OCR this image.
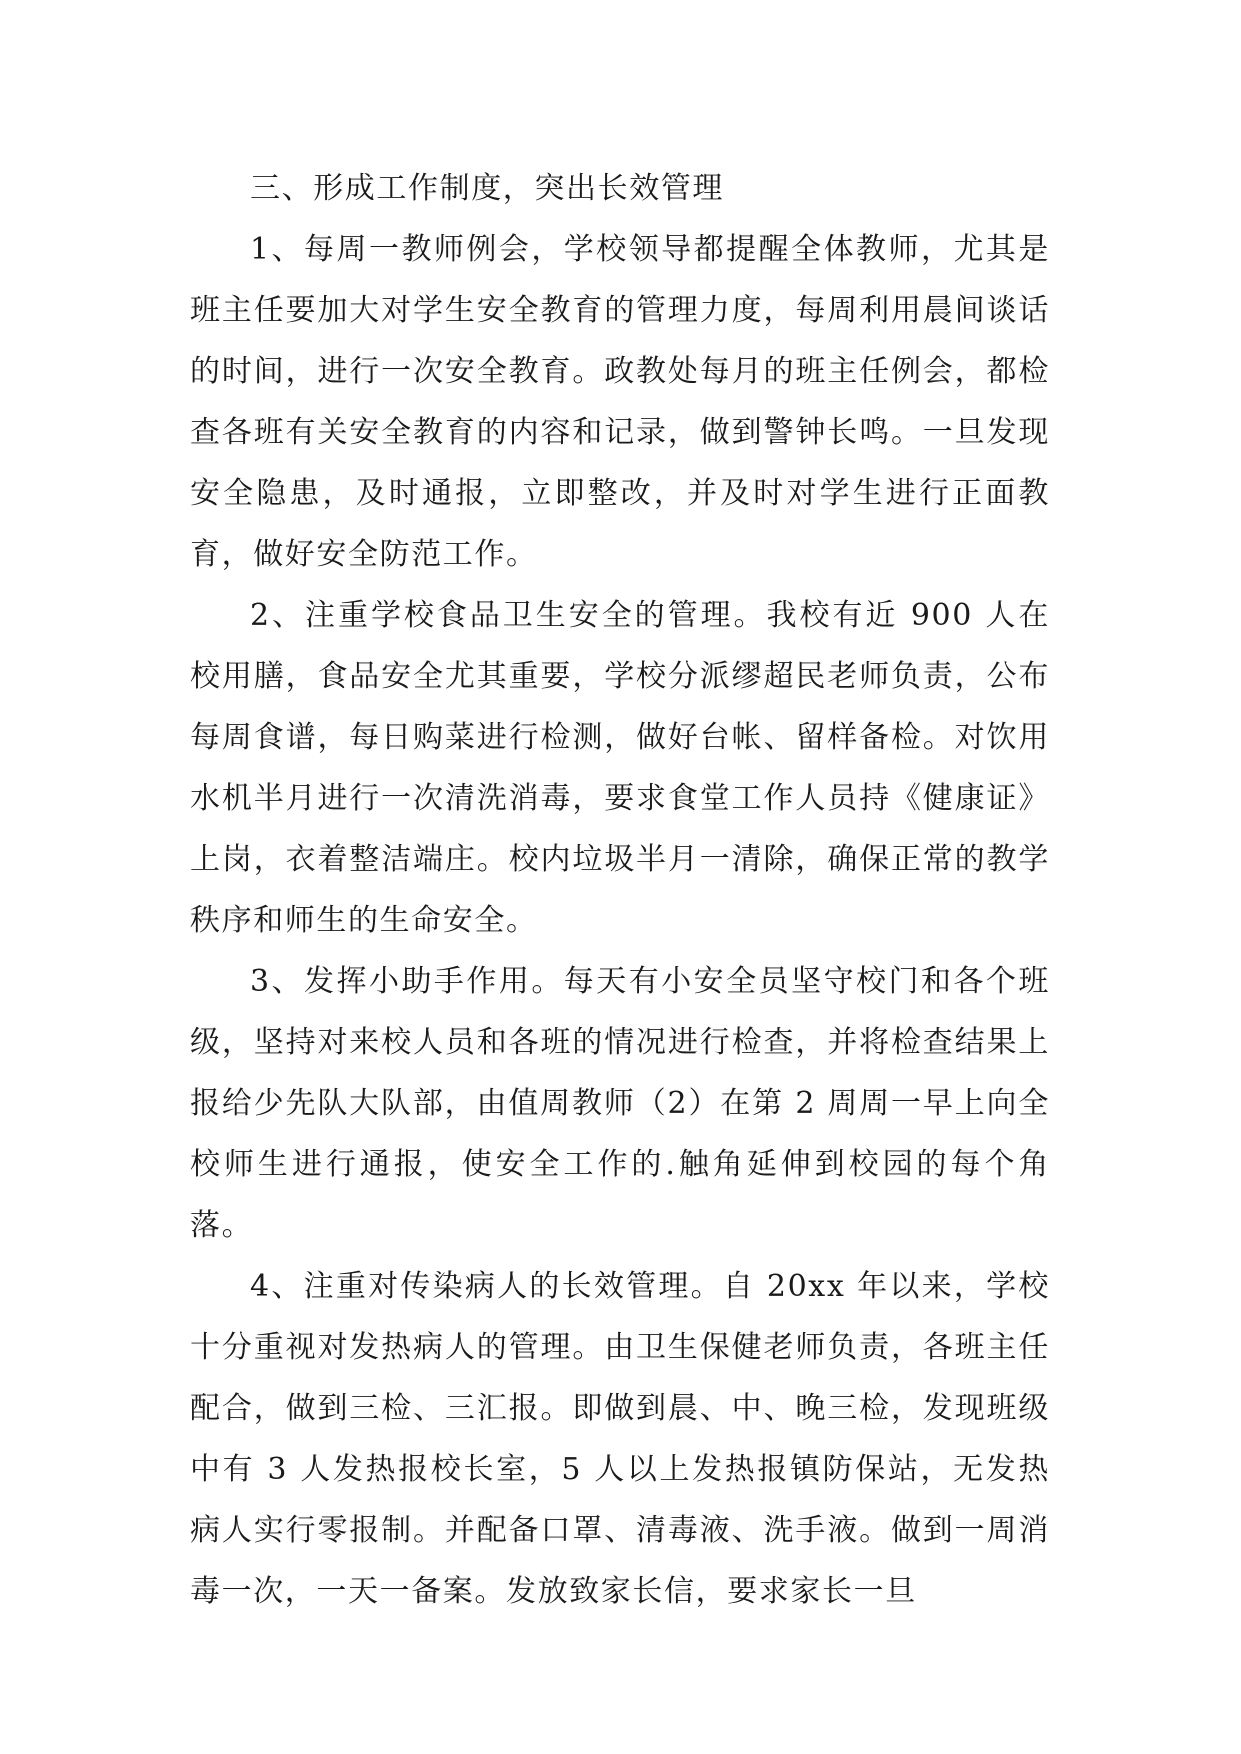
三、形成工作制度，突出长效管理

1、每周一教师例会，学校领导都提醒全体教师，尤其是班主任要加大对学生安全教育的管理力度，每周利用晨间谈话的时间，进行一次安全教育。政教处每月的班主任例会，都检查各班有关安全教育的内容和记录，做到警钟长鸣。一旦发现安全隐患，及时通报，立即整改，并及时对学生进行正面教育，做好安全防范工作。

2、注重学校食品卫生安全的管理。我校有近 900 人在校用膳，食品安全尤其重要，学校分派缪超民老师负责，公布每周食谱，每日购菜进行检测，做好台帐、留样备检。对饮用水机半月进行一次清洗消毒，要求食堂工作人员持《健康证》上岗，衣着整洁端庄。校内垃圾半月一清除，确保正常的教学秩序和师生的生命安全。

3、发挥小助手作用。每天有小安全员坚守校门和各个班级，坚持对来校人员和各班的情况进行检查，并将检查结果上报给少先队大队部，由值周教师（2）在第 2 周周一早上向全校师生进行通报，使安全工作的.触角延伸到校园的每个角落。

4、注重对传染病人的长效管理。自 20xx 年以来，学校十分重视对发热病人的管理。由卫生保健老师负责，各班主任配合，做到三检、三汇报。即做到晨、中、晚三检，发现班级中有 3 人发热报校长室，5 人以上发热报镇防保站，无发热病人实行零报制。并配备口罩、清毒液、洗手液。做到一周消毒一次，一天一备案。发放致家长信，要求家长一旦
